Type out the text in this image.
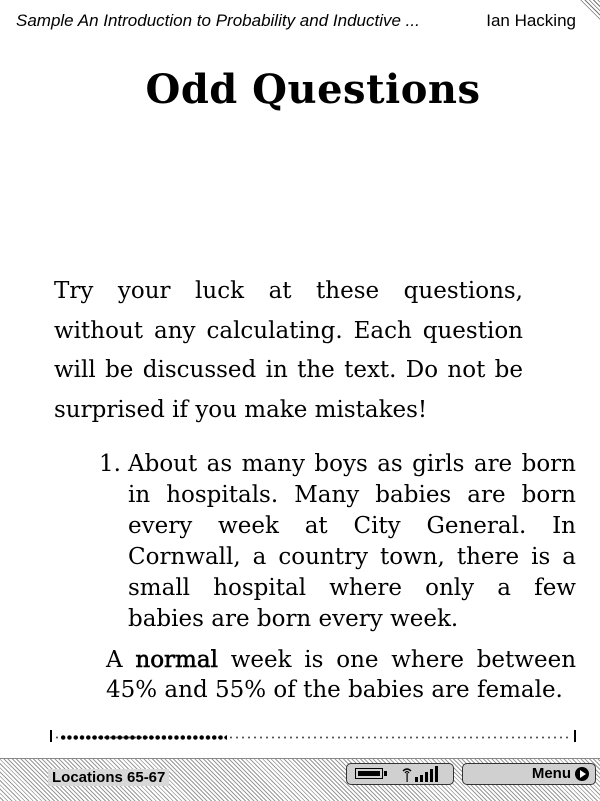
Sample An Introduction to Probability and Inductive ...	Ian Hacking
Odd Questions

Try your luck at these questions, without any calculating. Each question will be discussed in the text. Do not be surprised if you make mistakes!

1. About as many boys as girls are born in hospitals. Many babies are born every week at City General. In Cornwall, a country town, there is a small hospital where only a few babies are born every week.

A normal week is one where between 45% and 55% of the babies are female.

Locations 65-67	Menu
